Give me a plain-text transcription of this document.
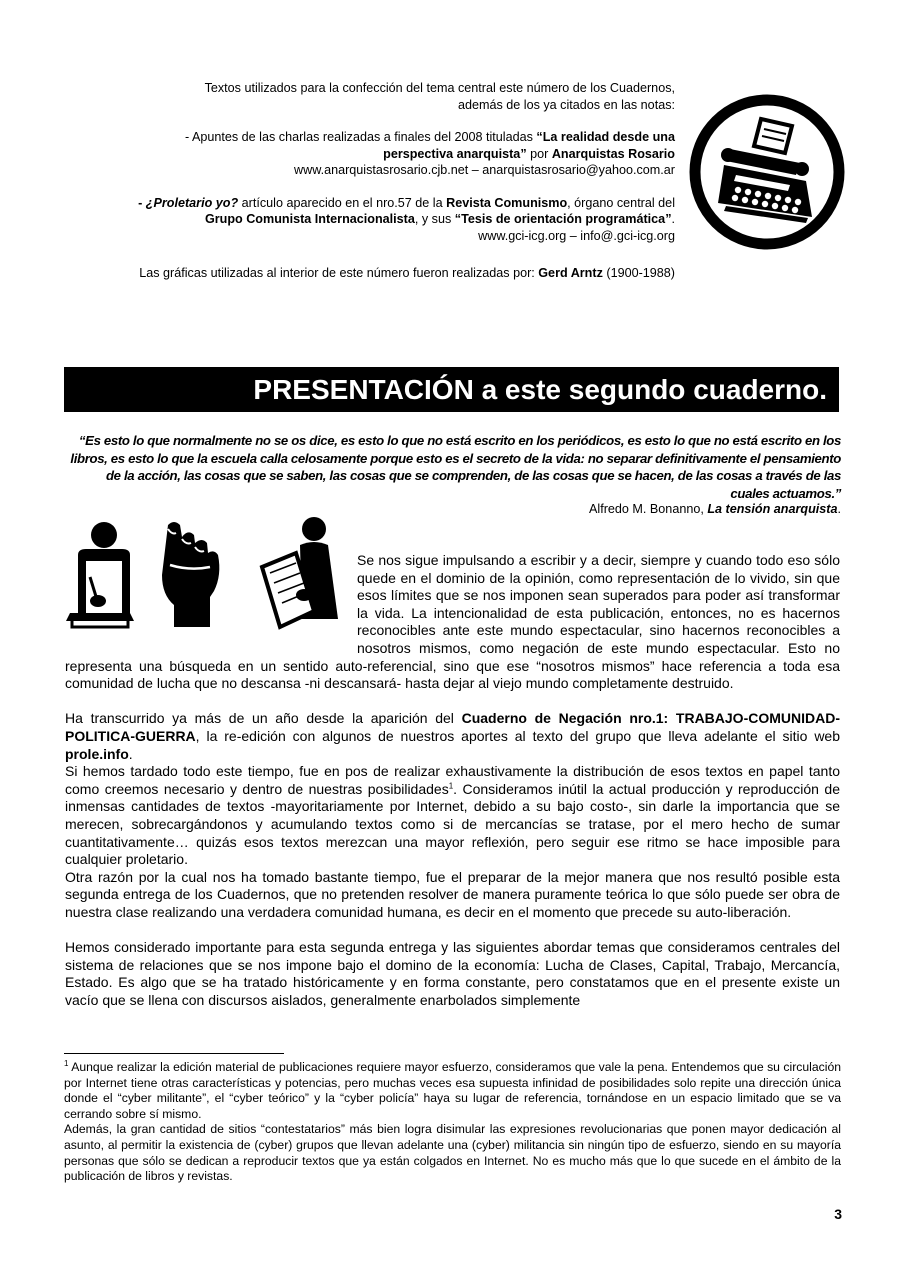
Textos utilizados para la confección del tema central este número de los Cuadernos,
además de los ya citados en las notas:

- Apuntes de las charlas realizadas a finales del 2008 tituladas “La realidad desde una
perspectiva anarquista” por Anarquistas Rosario
www.anarquistasrosario.cjb.net – anarquistasrosario@yahoo.com.ar

- ¿Proletario yo? artículo aparecido en el nro.57 de la Revista Comunismo, órgano central del
Grupo Comunista Internacionalista, y sus “Tesis de orientación programática”.
www.gci-icg.org – info@.gci-icg.org

Las gráficas utilizadas al interior de este número fueron realizadas por: Gerd Arntz (1900-1988)

PRESENTACIÓN a este segundo cuaderno.
“Es esto lo que normalmente no se os dice, es esto lo que no está escrito en los periódicos, es esto lo que no está escrito en los libros, es esto lo que la escuela calla celosamente porque esto es el secreto de la vida: no separar definitivamente el pensamiento de la acción, las cosas que se saben, las cosas que se comprenden, de las cosas que se hacen, de las cosas a través de las cuales actuamos.”
Alfredo M. Bonanno, La tensión anarquista.

Se nos sigue impulsando a escribir y a decir, siempre y cuando todo eso sólo quede en el dominio de la opinión, como representación de lo vivido, sin que esos límites que se nos imponen sean superados para poder así transformar la vida. La intencionalidad de esta publicación, entonces, no es hacernos reconocibles ante este mundo espectacular, sino hacernos reconocibles a nosotros mismos, como negación de este mundo espectacular. Esto no representa una búsqueda en un sentido auto-referencial, sino que ese “nosotros mismos” hace referencia a toda esa comunidad de lucha que no descansa -ni descansará- hasta dejar al viejo mundo completamente destruido.

Ha transcurrido ya más de un año desde la aparición del Cuaderno de Negación nro.1: TRABAJO-COMUNIDAD-POLITICA-GUERRA, la re-edición con algunos de nuestros aportes al texto del grupo que lleva adelante el sitio web prole.info.

Si hemos tardado todo este tiempo, fue en pos de realizar exhaustivamente la distribución de esos textos en papel tanto como creemos necesario y dentro de nuestras posibilidades$^1$. Consideramos inútil la actual producción y reproducción de inmensas cantidades de textos -mayoritariamente por Internet, debido a su bajo costo-, sin darle la importancia que se merecen, sobrecargándonos y acumulando textos como si de mercancías se tratase, por el mero hecho de sumar cuantitativamente… quizás esos textos merezcan una mayor reflexión, pero seguir ese ritmo se hace imposible para cualquier proletario.

Otra razón por la cual nos ha tomado bastante tiempo, fue el preparar de la mejor manera que nos resultó posible esta segunda entrega de los Cuadernos, que no pretenden resolver de manera puramente teórica lo que sólo puede ser obra de nuestra clase realizando una verdadera comunidad humana, es decir en el momento que precede su auto-liberación.

Hemos considerado importante para esta segunda entrega y las siguientes abordar temas que consideramos centrales del sistema de relaciones que se nos impone bajo el domino de la economía: Lucha de Clases, Capital, Trabajo, Mercancía, Estado. Es algo que se ha tratado históricamente y en forma constante, pero constatamos que en el presente existe un vacío que se llena con discursos aislados, generalmente enarbolados simplemente

$^1$ Aunque realizar la edición material de publicaciones requiere mayor esfuerzo, consideramos que vale la pena. Entendemos que su circulación por Internet tiene otras características y potencias, pero muchas veces esa supuesta infinidad de posibilidades solo repite una dirección única donde el “cyber militante”, el “cyber teórico” y la “cyber policía” haya su lugar de referencia, tornándose en un espacio limitado que se va cerrando sobre sí mismo.

Además, la gran cantidad de sitios “contestatarios” más bien logra disimular las expresiones revolucionarias que ponen mayor dedicación al asunto, al permitir la existencia de (cyber) grupos que llevan adelante una (cyber) militancia sin ningún tipo de esfuerzo, siendo en su mayoría personas que sólo se dedican a reproducir textos que ya están colgados en Internet. No es mucho más que lo que sucede en el ámbito de la publicación de libros y revistas.

3
